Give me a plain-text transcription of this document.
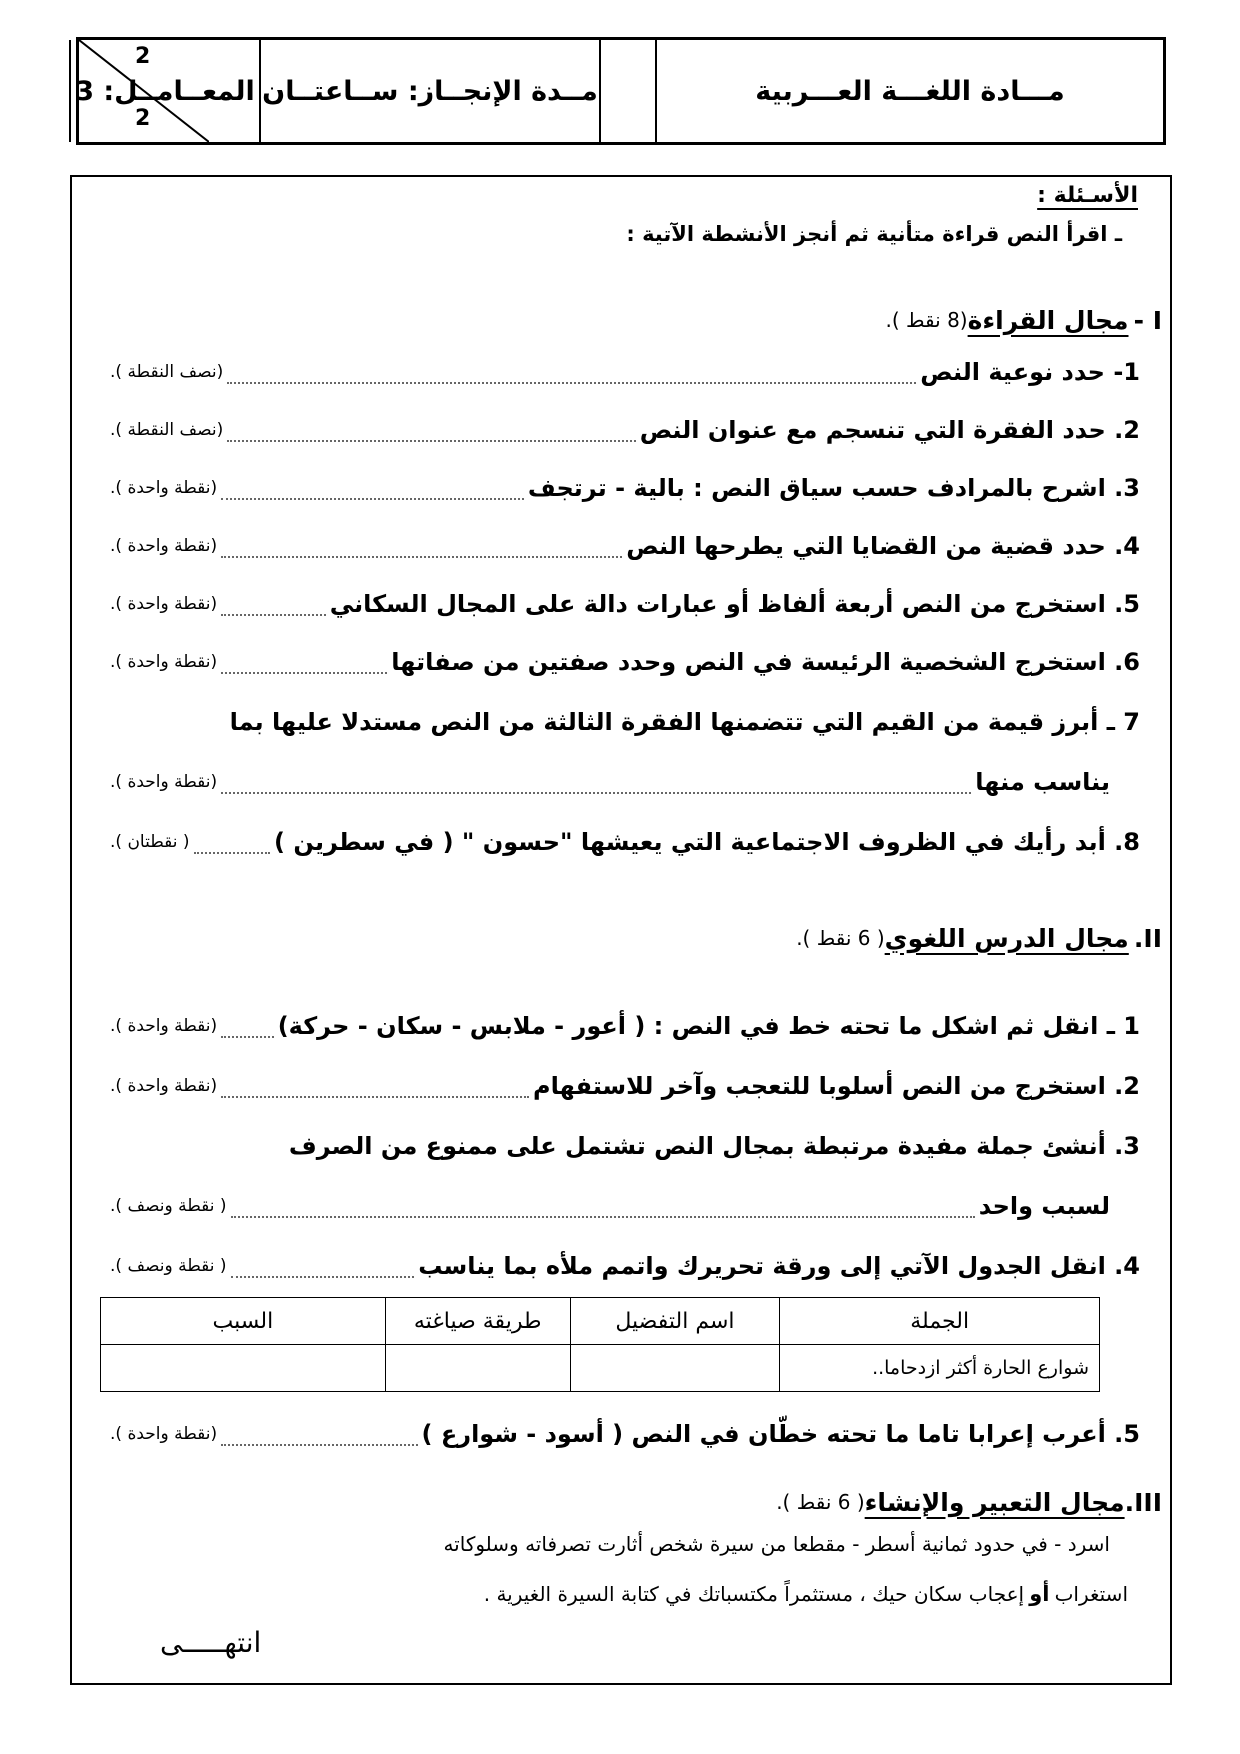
مـــادة اللغـــة العـــربية
مــدة الإنجــاز: ســاعتــان
المعــامــل: 3
2
2
الأسـئلة :
ـ اقرأ النص قراءة متأنية ثم أنجز الأنشطة الآتية :
I -

مجال القراءة
(8 نقط ).
1- حدد نوعية النص
(نصف النقطة ).
2. حدد الفقرة التي تنسجم مع عنوان النص
(نصف النقطة ).
3. اشرح بالمرادف حسب سياق النص : بالية - ترتجف
(نقطة واحدة ).
4. حدد قضية من القضايا التي يطرحها النص
(نقطة واحدة ).
5. استخرج من النص أربعة ألفاظ أو عبارات دالة على المجال السكاني
(نقطة واحدة ).
6. استخرج الشخصية الرئيسة في النص وحدد صفتين من صفاتها
(نقطة واحدة ).
7 ـ أبرز قيمة من القيم التي تتضمنها الفقرة الثالثة من النص مستدلا عليها بما
يناسب منها
(نقطة واحدة ).
8. أبد رأيك في الظروف الاجتماعية التي يعيشها "حسون " ( في سطرين )
( نقطتان ).
II.

مجال الدرس اللغوي
( 6 نقط ).
1 ـ انقل ثم اشكل ما تحته خط في النص : ( أعور - ملابس - سكان - حركة)
(نقطة واحدة ).
2. استخرج من النص أسلوبا للتعجب وآخر للاستفهام
(نقطة واحدة ).
3. أنشئ جملة مفيدة مرتبطة بمجال النص تشتمل على ممنوع من الصرف
لسبب واحد
( نقطة ونصف ).
4. انقل الجدول الآتي إلى ورقة تحريرك واتمم ملأه بما يناسب
( نقطة ونصف ).
الجملة	اسم التفضيل	طريقة صياغته	السبب
شوارع الحارة أكثر ازدحاما..			
5. أعرب إعرابا تاما ما تحته خطّان في النص ( أسود - شوارع )
(نقطة واحدة ).
III.
مجال التعبير والإنشاء
( 6 نقط ).
اسرد - في حدود ثمانية أسطر - مقطعا من سيرة شخص أثارت تصرفاته وسلوكاته
استغراب أو إعجاب سكان حيك ، مستثمراً مكتسباتك في كتابة السيرة الغيرية .
انتهـــــى
